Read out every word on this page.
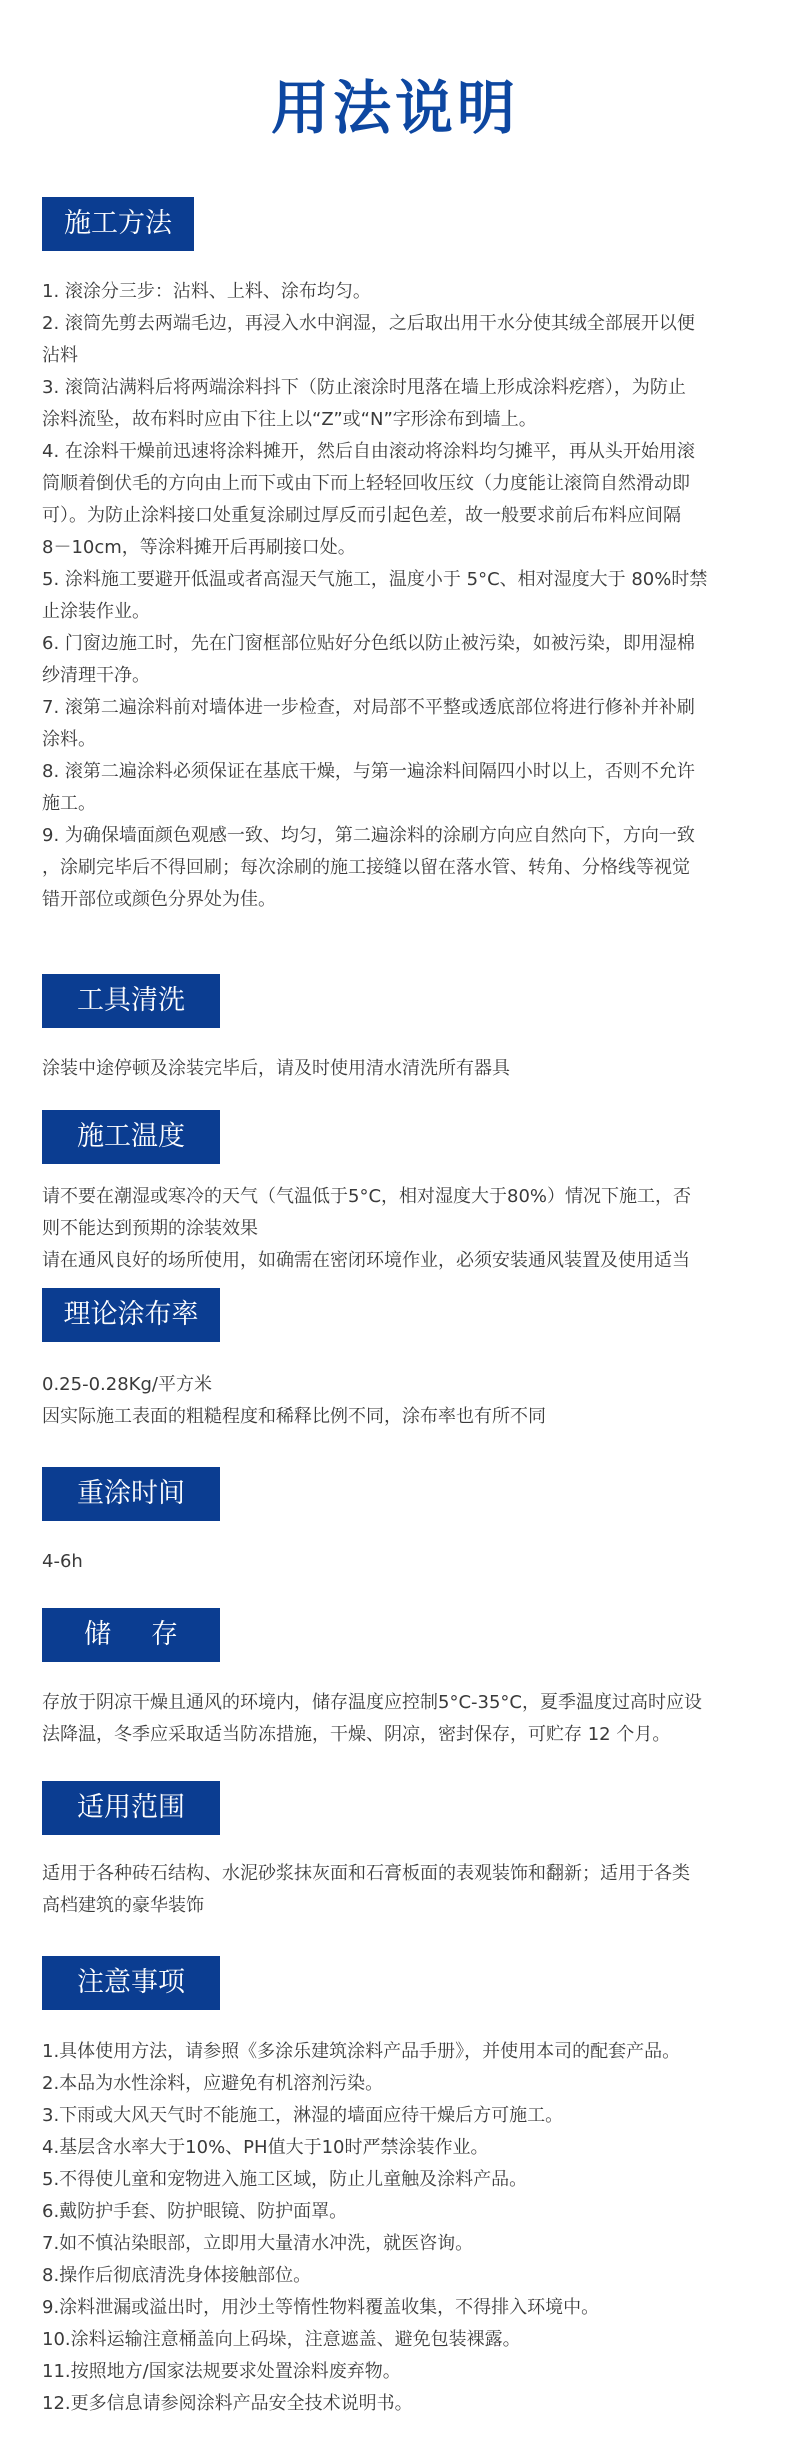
用法说明
施工方法

1. 滚涂分三步：沾料、上料、涂布均匀。

2. 滚筒先剪去两端毛边，再浸入水中润湿，之后取出用干水分使其绒全部展开以便

沾料

3. 滚筒沾满料后将两端涂料抖下（防止滚涂时甩落在墙上形成涂料疙瘩），为防止

涂料流坠，故布料时应由下往上以“Z”或“N”字形涂布到墙上。

4. 在涂料干燥前迅速将涂料摊开，然后自由滚动将涂料均匀摊平，再从头开始用滚

筒顺着倒伏毛的方向由上而下或由下而上轻轻回收压纹（力度能让滚筒自然滑动即

可）。为防止涂料接口处重复涂刷过厚反而引起色差，故一般要求前后布料应间隔

8－10cm，等涂料摊开后再刷接口处。

5. 涂料施工要避开低温或者高湿天气施工，温度小于 5°C、相对湿度大于 80%时禁

止涂装作业。

6. 门窗边施工时，先在门窗框部位贴好分色纸以防止被污染，如被污染，即用湿棉

纱清理干净。

7. 滚第二遍涂料前对墙体进一步检查，对局部不平整或透底部位将进行修补并补刷

涂料。

8. 滚第二遍涂料必须保证在基底干燥，与第一遍涂料间隔四小时以上，否则不允许

施工。

9. 为确保墙面颜色观感一致、均匀，第二遍涂料的涂刷方向应自然向下，方向一致

，涂刷完毕后不得回刷；每次涂刷的施工接缝以留在落水管、转角、分格线等视觉

错开部位或颜色分界处为佳。

工具清洗

涂装中途停顿及涂装完毕后，请及时使用清水清洗所有器具

施工温度

请不要在潮湿或寒冷的天气（气温低于5°C，相对湿度大于80%）情况下施工，否

则不能达到预期的涂装效果

请在通风良好的场所使用，如确需在密闭环境作业，必须安装通风装置及使用适当

理论涂布率

0.25-0.28Kg/平方米

因实际施工表面的粗糙程度和稀释比例不同，涂布率也有所不同

重涂时间

4-6h

储存

存放于阴凉干燥且通风的环境内，储存温度应控制5°C-35°C，夏季温度过高时应设

法降温，冬季应采取适当防冻措施，干燥、阴凉，密封保存，可贮存 12 个月。

适用范围

适用于各种砖石结构、水泥砂浆抹灰面和石膏板面的表观装饰和翻新；适用于各类

高档建筑的豪华装饰

注意事项

1.具体使用方法，请参照《多涂乐建筑涂料产品手册》，并使用本司的配套产品。

2.本品为水性涂料，应避免有机溶剂污染。

3.下雨或大风天气时不能施工，淋湿的墙面应待干燥后方可施工。

4.基层含水率大于10%、PH值大于10时严禁涂装作业。

5.不得使儿童和宠物进入施工区域，防止儿童触及涂料产品。

6.戴防护手套、防护眼镜、防护面罩。

7.如不慎沾染眼部，立即用大量清水冲洗，就医咨询。

8.操作后彻底清洗身体接触部位。

9.涂料泄漏或溢出时，用沙土等惰性物料覆盖收集，不得排入环境中。

10.涂料运输注意桶盖向上码垛，注意遮盖、避免包装裸露。

11.按照地方/国家法规要求处置涂料废弃物。

12.更多信息请参阅涂料产品安全技术说明书。
